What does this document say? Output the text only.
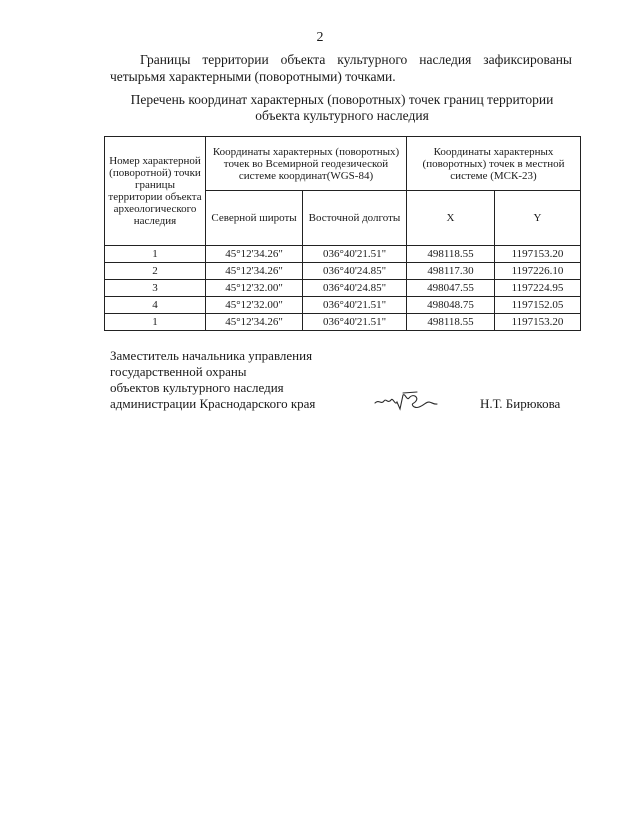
2
Границы территории объекта культурного наследия зафиксированы
четырьмя характерными (поворотными) точками.
Перечень координат характерных (поворотных) точек границ территории
объекта культурного наследия
Номер характерной (поворотной) точки границы территории объекта археологического наследия	Координаты характерных (поворотных) точек во Всемирной геодезической системе координат(WGS-84)		Координаты характерных (поворотных) точек в местной системе (МСК-23)	
	Северной широты	Восточной долготы	X	Y
1	45°12'34.26"	036°40'21.51"	498118.55	1197153.20
2	45°12'34.26"	036°40'24.85"	498117.30	1197226.10
3	45°12'32.00"	036°40'24.85"	498047.55	1197224.95
4	45°12'32.00"	036°40'21.51"	498048.75	1197152.05
1	45°12'34.26"	036°40'21.51"	498118.55	1197153.20
Заместитель начальника управления
государственной охраны
объектов культурного наследия
администрации Краснодарского края	Н.Т. Бирюкова
